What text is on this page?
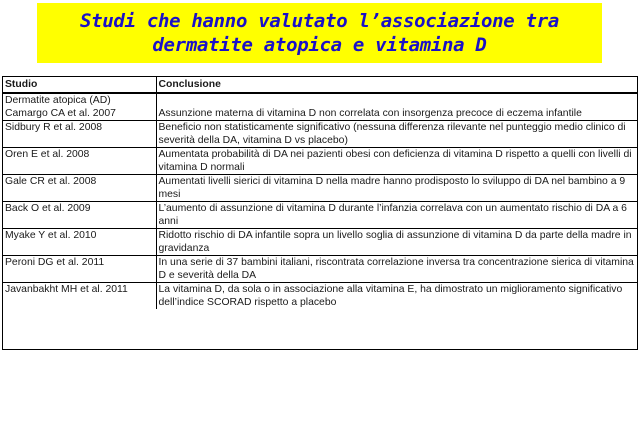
Studi che hanno valutato l’associazione tra
dermatite atopica e vitamina D
Studio	Conclusione

Dermatite atopica (AD)
Camargo CA et al. 2007	Assunzione materna di vitamina D non correlata con insorgenza precoce di eczema infantile

Sidbury R et al. 2008	Beneficio non statisticamente significativo (nessuna differenza rilevante nel punteggio medio clinico di severità della DA, vitamina D vs placebo)

Oren E et al. 2008	Aumentata probabilità di DA nei pazienti obesi con deficienza di vitamina D rispetto a quelli con livelli di vitamina D normali

Gale CR et al. 2008	Aumentati livelli sierici di vitamina D nella madre hanno prodisposto lo sviluppo di DA nel bambino a 9 mesi

Back O et al. 2009	L’aumento di assunzione di vitamina D durante l’infanzia correlava con un aumentato rischio di DA a 6 anni

Myake Y et al. 2010	Ridotto rischio di DA infantile sopra un livello soglia di assunzione di vitamina D da parte della madre in gravidanza

Peroni DG et al. 2011	In una serie di 37 bambini italiani, riscontrata correlazione inversa tra concentrazione sierica di vitamina D e severità della DA

Javanbakht MH et al. 2011	La vitamina D, da sola o in associazione alla vitamina E, ha dimostrato un miglioramento significativo dell’indice SCORAD rispetto a placebo
